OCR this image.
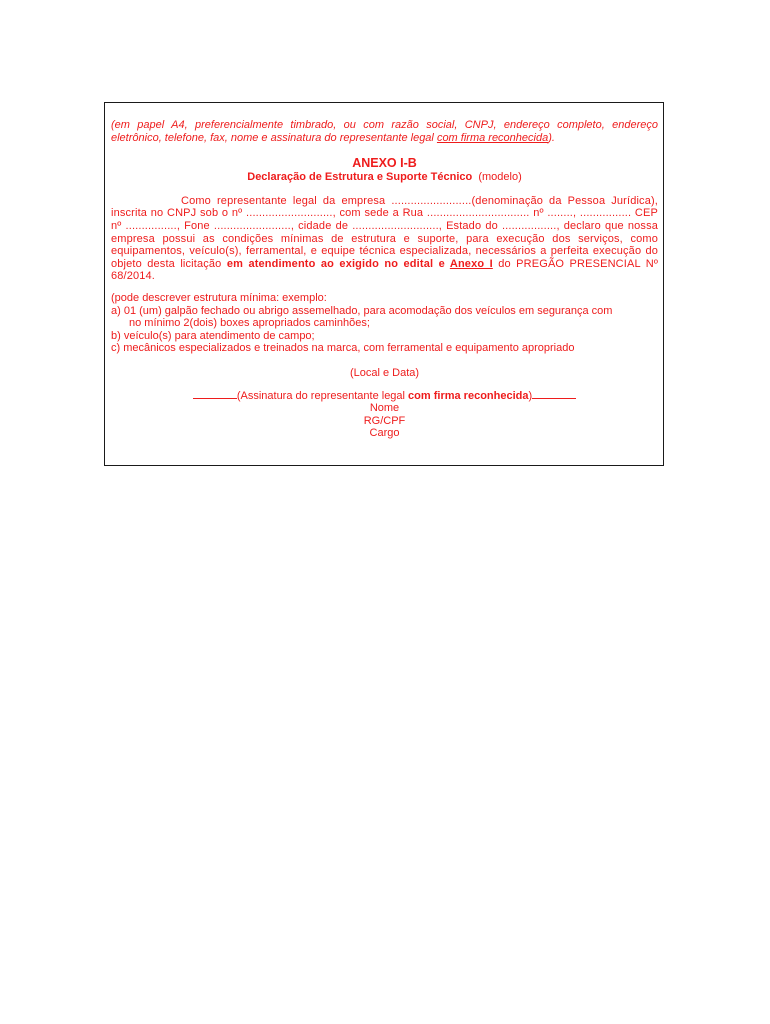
(em papel A4, preferencialmente timbrado, ou com razão social, CNPJ, endereço completo, endereço eletrônico, telefone, fax, nome e assinatura do representante legal com firma reconhecida).

ANEXO I-B
Declaração de Estrutura e Suporte Técnico (modelo)
Como representante legal da empresa .........................(denominação da Pessoa Jurídica), inscrita no CNPJ sob o nº ..........................., com sede a Rua ................................ nº ........, ................ CEP nº ................, Fone ........................, cidade de ..........................., Estado do ................., declaro que nossa empresa possui as condições mínimas de estrutura e suporte, para execução dos serviços, como equipamentos, veículo(s), ferramental, e equipe técnica especializada, necessários a perfeita execução do objeto desta licitação em atendimento ao exigido no edital e Anexo I do PREGÃO PRESENCIAL Nº 68/2014.
(pode descrever estrutura mínima: exemplo:
a) 01 (um) galpão fechado ou abrigo assemelhado, para acomodação dos veículos em segurança com
no mínimo 2(dois) boxes apropriados caminhões;
b) veículo(s) para atendimento de campo;
c) mecânicos especializados e treinados na marca, com ferramental e equipamento apropriado
(Local e Data)
(Assinatura do representante legal com firma reconhecida)
Nome
RG/CPF
Cargo
